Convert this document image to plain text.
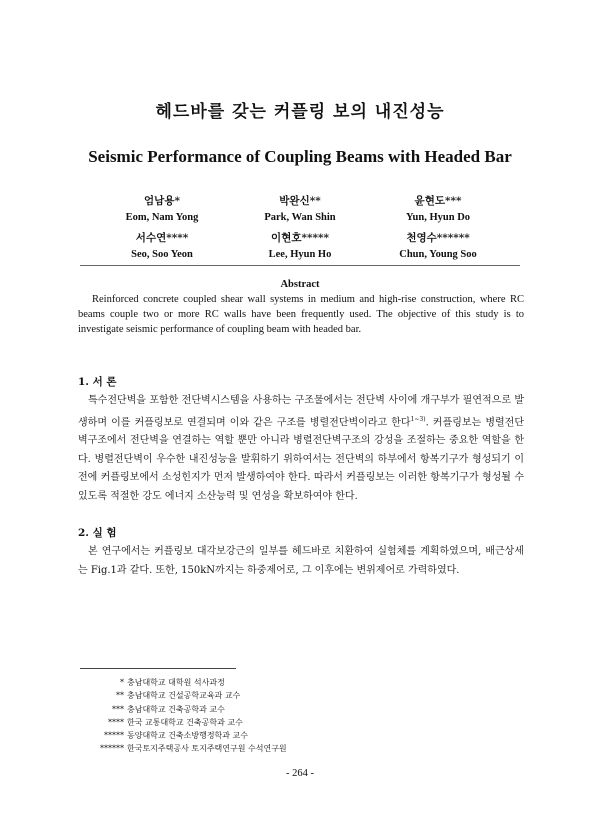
헤드바를 갖는 커플링 보의 내진성능
Seismic Performance of Coupling Beams with Headed Bar
엄남용*
Eom, Nam Yong
박완신**
Park, Wan Shin
윤현도***
Yun, Hyun Do
서수연****
Seo, Soo Yeon
이현호*****
Lee, Hyun Ho
천영수******
Chun, Young Soo
Abstract
Reinforced concrete coupled shear wall systems in medium and high-rise construction, where RC beams couple two or more RC walls have been frequently used. The objective of this study is to investigate seismic performance of coupling beam with headed bar.
1. 서 론
특수전단벽을 포함한 전단벽시스템을 사용하는 구조물에서는 전단벽 사이에 개구부가 필연적으로 발생하며 이를 커플링보로 연결되며 이와 같은 구조를 병렬전단벽이라고 한다$^{1\sim 3)}$. 커플링보는 병렬전단벽구조에서 전단벽을 연결하는 역할 뿐만 아니라 병렬전단벽구조의 강성을 조절하는 중요한 역할을 한다. 병렬전단벽이 우수한 내진성능을 발휘하기 위하여서는 전단벽의 하부에서 항복기구가 형성되기 이전에 커플링보에서 소성힌지가 먼저 발생하여야 한다. 따라서 커플링보는 이러한 항복기구가 형성될 수 있도록 적절한 강도 에너지 소산능력 및 연성을 확보하여야 한다.
2. 실 험
본 연구에서는 커플링보 대각보강근의 일부를 헤드바로 치환하여 실험체를 계획하였으며, 배근상세는 Fig.1과 같다. 또한, 150kN까지는 하중제어로, 그 이후에는 변위제어로 가력하였다.
* 충남대학교 대학원 석사과정
** 충남대학교 건설공학교육과 교수
*** 충남대학교 건축공학과 교수
**** 한국 교통대학교 건축공학과 교수
***** 동양대학교 건축소방행정학과 교수
****** 한국토지주택공사 토지주택연구원 수석연구원
- 264 -
